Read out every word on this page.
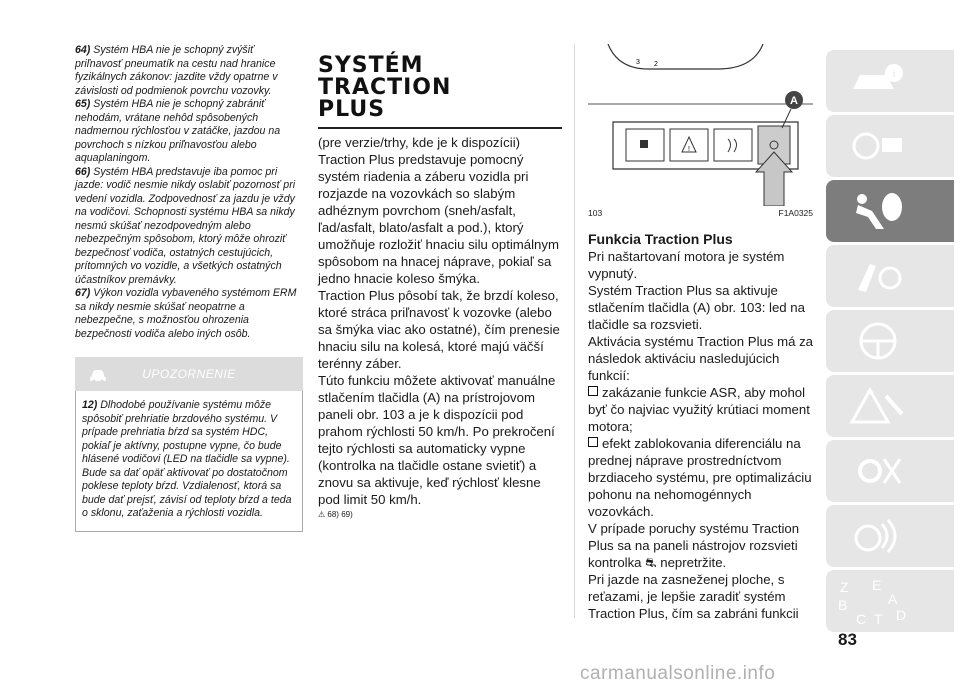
64) Systém HBA nie je schopný zvýšiť priľnavosť pneumatík na cestu nad hranice fyzikálnych zákonov: jazdite vždy opatrne v závislosti od podmienok povrchu vozovky.

65) Systém HBA nie je schopný zabrániť nehodám, vrátane nehôd spôsobených nadmernou rýchlosťou v zatáčke, jazdou na povrchoch s nízkou priľnavosťou alebo aquaplaningom.

66) Systém HBA predstavuje iba pomoc pri jazde: vodič nesmie nikdy oslabiť pozornosť pri vedení vozidla. Zodpovednosť za jazdu je vždy na vodičovi. Schopnosti systému HBA sa nikdy nesmú skúšať nezodpovedným alebo nebezpečným spôsobom, ktorý môže ohroziť bezpečnosť vodiča, ostatných cestujúcich, prítomných vo vozidle, a všetkých ostatných účastníkov premávky.

67) Výkon vozidla vybaveného systémom ERM sa nikdy nesmie skúšať neopatrne a nebezpečne, s možnosťou ohrozenia bezpečnosti vodiča alebo iných osôb.

UPOZORNENIE

12) Dlhodobé používanie systému môže spôsobiť prehriatie brzdového systému. V prípade prehriatia bŕzd sa systém HDC, pokiaľ je aktívny, postupne vypne, čo bude hlásené vodičovi (LED na tlačidle sa vypne). Bude sa dať opäť aktivovať po dostatočnom poklese teploty bŕzd. Vzdialenosť, ktorá sa bude dať prejsť, závisí od teploty bŕzd a teda o sklonu, zaťaženia a rýchlosti vozidla.

SYSTÉM TRACTION
PLUS

(pre verzie/trhy, kde je k dispozícii)

Traction Plus predstavuje pomocný systém riadenia a záberu vozidla pri rozjazde na vozovkách so slabým adhéznym povrchom (sneh/asfalt, ľad/asfalt, blato/asfalt a pod.), ktorý umožňuje rozložiť hnaciu silu optimálnym spôsobom na hnacej náprave, pokiaľ sa jedno hnacie koleso šmýka.

Traction Plus pôsobí tak, že brzdí koleso, ktoré stráca priľnavosť k vozovke (alebo sa šmýka viac ako ostatné), čím prenesie hnaciu silu na kolesá, ktoré majú väčší terénny záber.

Túto funkciu môžete aktivovať manuálne stlačením tlačidla (A) na prístrojovom paneli obr. 103 a je k dispozícii pod prahom rýchlosti 50 km/h. Po prekročení tejto rýchlosti sa automaticky vypne (kontrolka na tlačidle ostane svietiť) a znovu sa aktivuje, keď rýchlosť klesne pod limit 50 km/h.

⚠ 68) 69)
3 2
!
A
103	F1A0325
Funkcia Traction Plus

Pri naštartovaní motora je systém vypnutý.

Systém Traction Plus sa aktivuje stlačením tlačidla (A) obr. 103: led na tlačidle sa rozsvieti.

Aktivácia systému Traction Plus má za následok aktiváciu nasledujúcich funkcií:

zakázanie funkcie ASR, aby mohol byť čo najviac využitý krútiaci moment motora;

efekt zablokovania diferenciálu na prednej náprave prostredníctvom brzdiaceho systému, pre optimalizáciu pohonu na nehomogénnych vozovkách.

V prípade poruchy systému Traction Plus sa na paneli nástrojov rozsvieti kontrolka ⛐ nepretržite.

Pri jazde na zasneženej ploche, s reťazami, je lepšie zaradiť systém Traction Plus, čím sa zabráni funkcii

i
Z E
A
B
D
C T
83
carmanualsonline.info
